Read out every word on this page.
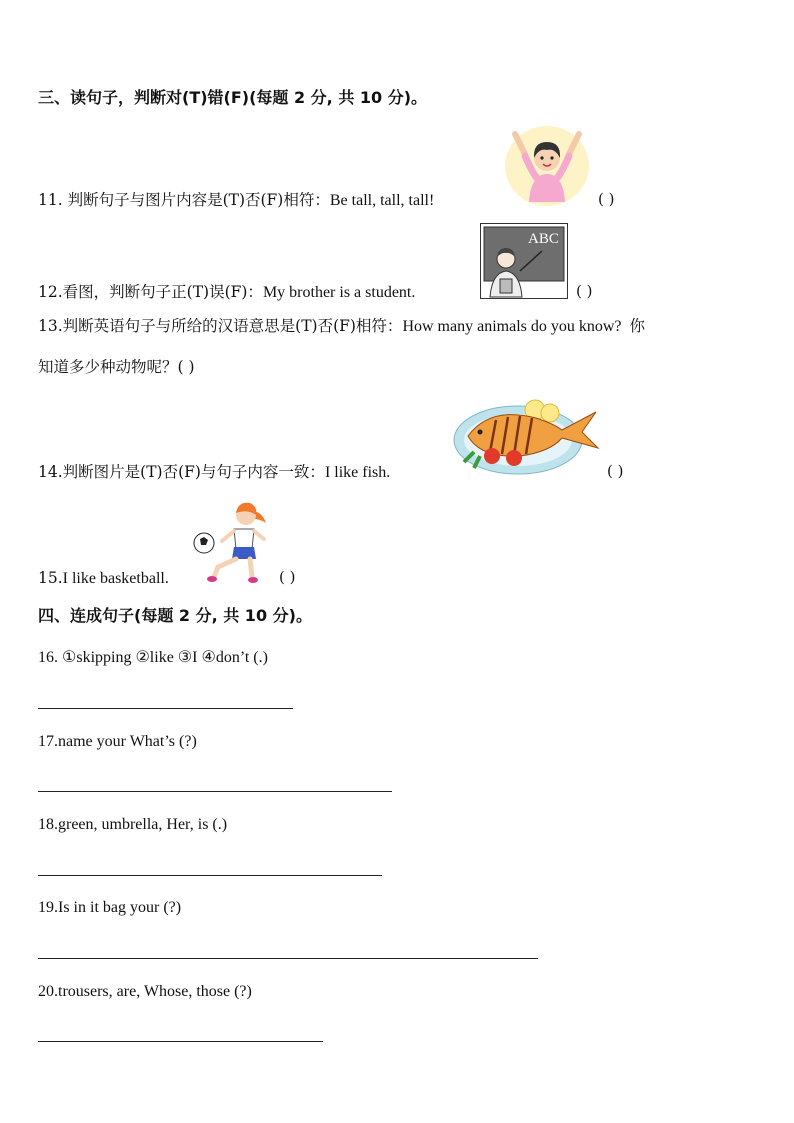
三、读句子，判断对(T)错(F)(每题 2 分, 共 10 分)。
11. 判断句子与图片内容是(T)否(F)相符：Be tall, tall, tall!	( )
ABC
12.看图，判断句子正(T)误(F)：My brother is a student.	( )
13.判断英语句子与所给的汉语意思是(T)否(F)相符：How many animals do you know? 你
知道多少种动物呢？( )
14.判断图片是(T)否(F)与句子内容一致：I like fish.	( )
15.I like basketball.	( )
四、连成句子(每题 2 分, 共 10 分)。
16. ①skipping ②like ③I ④don’t (.)
17.name your What’s (?)
18.green, umbrella, Her, is (.)
19.Is in it bag your (?)
20.trousers, are, Whose, those (?)
